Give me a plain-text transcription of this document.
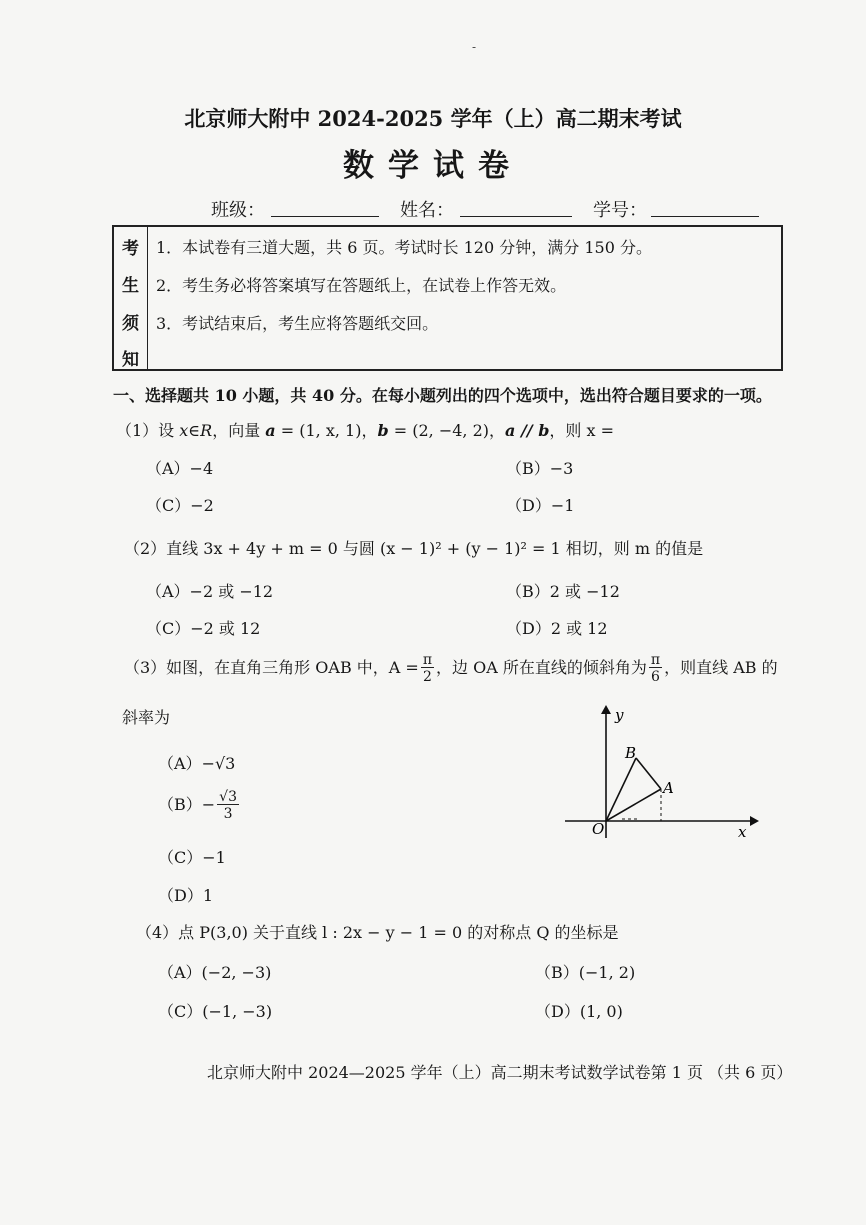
-
北京师大附中 2024-2025 学年（上）高二期末考试
数学试卷
班级：	姓名：	学号：
考
生
须
知
1．本试卷有三道大题，共 6 页。考试时长 120 分钟，满分 150 分。
2．考生务必将答案填写在答题纸上，在试卷上作答无效。
3．考试结束后，考生应将答题纸交回。
一、选择题共 10 小题，共 40 分。在每小题列出的四个选项中，选出符合题目要求的一项。
（1）设 x∈R，向量 a = (1, x, 1)，b = (2, −4, 2)，a // b，则 x =
（A）−4	（B）−3
（C）−2	（D）−1
（2）直线 3x + 4y + m = 0 与圆 (x − 1)² + (y − 1)² = 1 相切，则 m 的值是
（A）−2 或 −12	（B）2 或 −12
（C）−2 或 12	（D）2 或 12
（3）如图，在直角三角形 OAB 中，$A = \frac{\pi}{2}$ ，边 OA 所在直线的倾斜角为 $\frac{\pi}{6}$ ，则直线 AB 的
斜率为
（A）−√3
$(B)- \frac{√3}{3}$
（C）−1
（D）1
y
x
O
A
B
（4）点 P(3,0) 关于直线 l : 2x − y − 1 = 0 的对称点 Q 的坐标是
（A）(−2, −3)	（B）(−1, 2)
（C）(−1, −3)	（D）(1, 0)
北京师大附中 2024—2025 学年（上）高二期末考试数学试卷第 1 页 （共 6 页）
